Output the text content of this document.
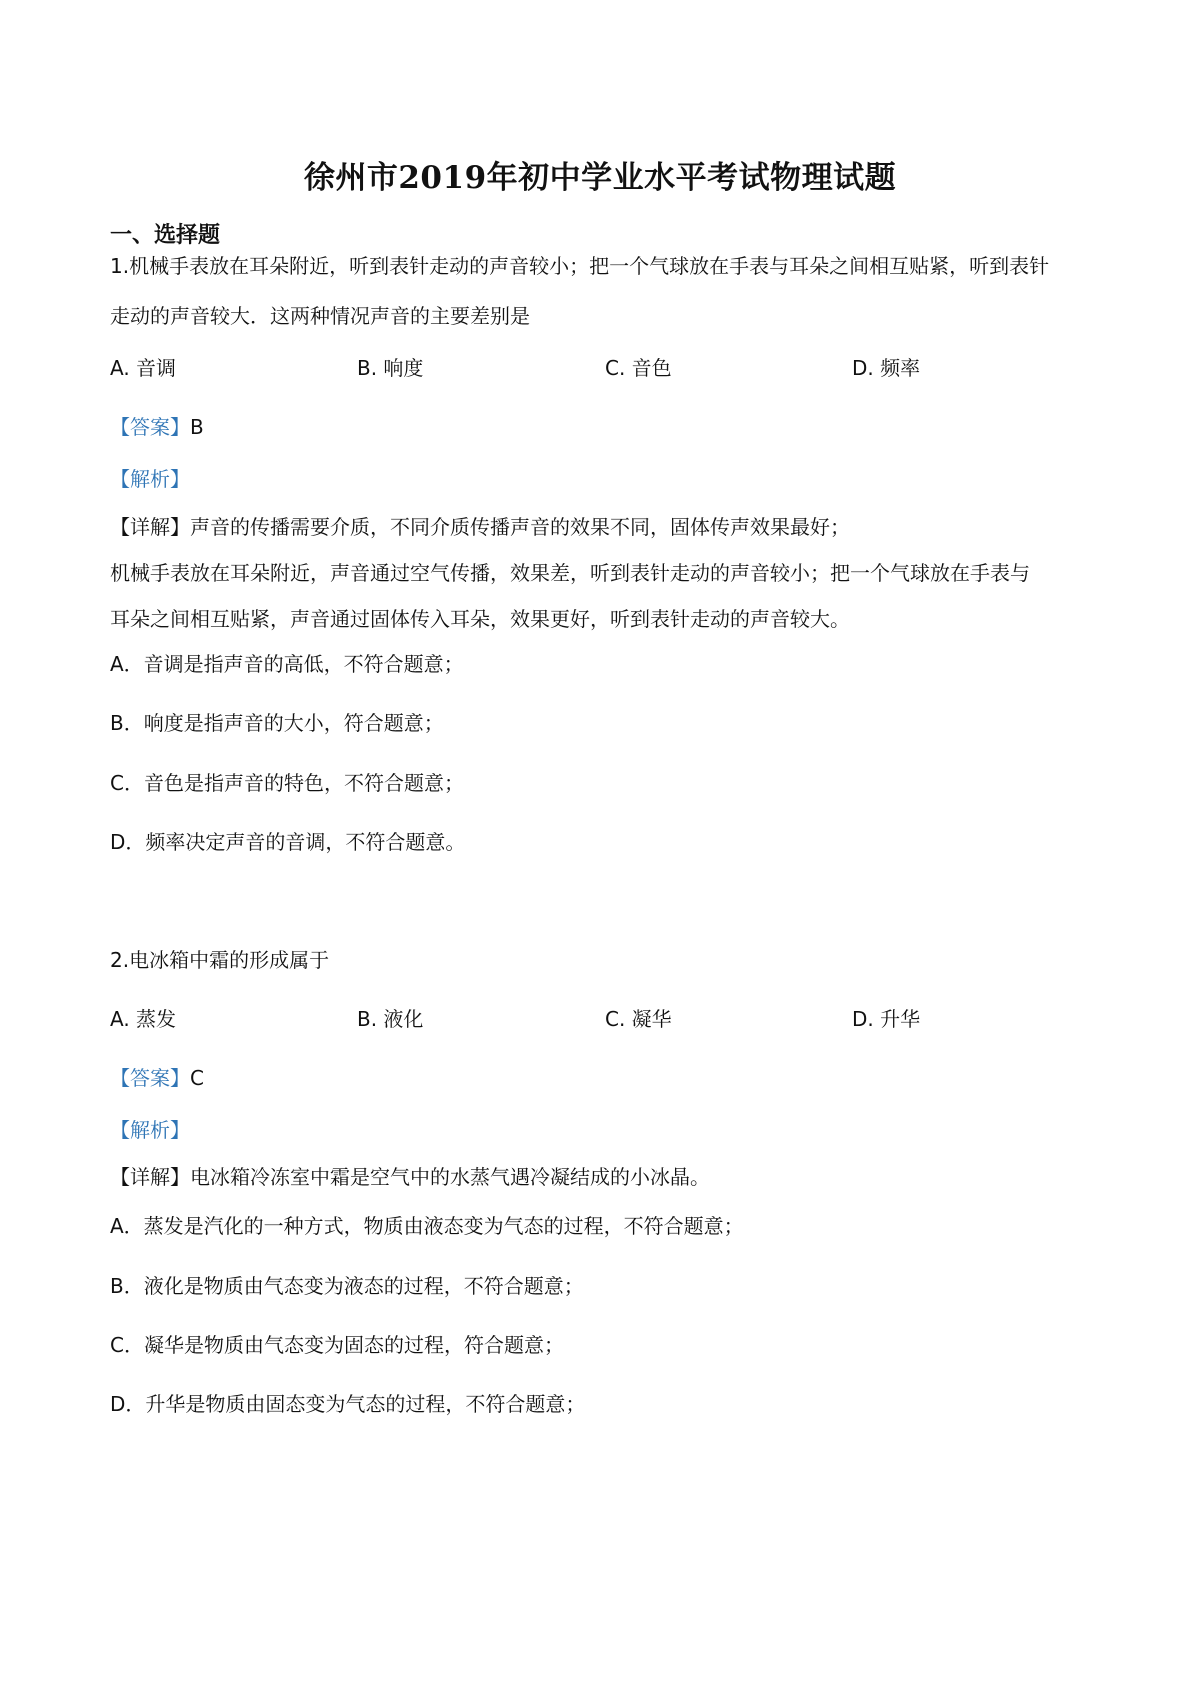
徐州市2019年初中学业水平考试物理试题
一、选择题
1.机械手表放在耳朵附近，听到表针走动的声音较小；把一个气球放在手表与耳朵之间相互贴紧，听到表针
走动的声音较大．这两种情况声音的主要差别是
A. 音调	B. 响度	C. 音色	D. 频率
【答案】B
【解析】
【详解】声音的传播需要介质，不同介质传播声音的效果不同，固体传声效果最好；
机械手表放在耳朵附近，声音通过空气传播，效果差，听到表针走动的声音较小；把一个气球放在手表与
耳朵之间相互贴紧，声音通过固体传入耳朵，效果更好，听到表针走动的声音较大。
A．音调是指声音的高低，不符合题意；
B．响度是指声音的大小，符合题意；
C．音色是指声音的特色，不符合题意；
D．频率决定声音的音调，不符合题意。
2.电冰箱中霜的形成属于
A. 蒸发	B. 液化	C. 凝华	D. 升华
【答案】C
【解析】
【详解】电冰箱冷冻室中霜是空气中的水蒸气遇冷凝结成的小冰晶。
A．蒸发是汽化的一种方式，物质由液态变为气态的过程，不符合题意；
B．液化是物质由气态变为液态的过程，不符合题意；
C．凝华是物质由气态变为固态的过程，符合题意；
D．升华是物质由固态变为气态的过程，不符合题意；
